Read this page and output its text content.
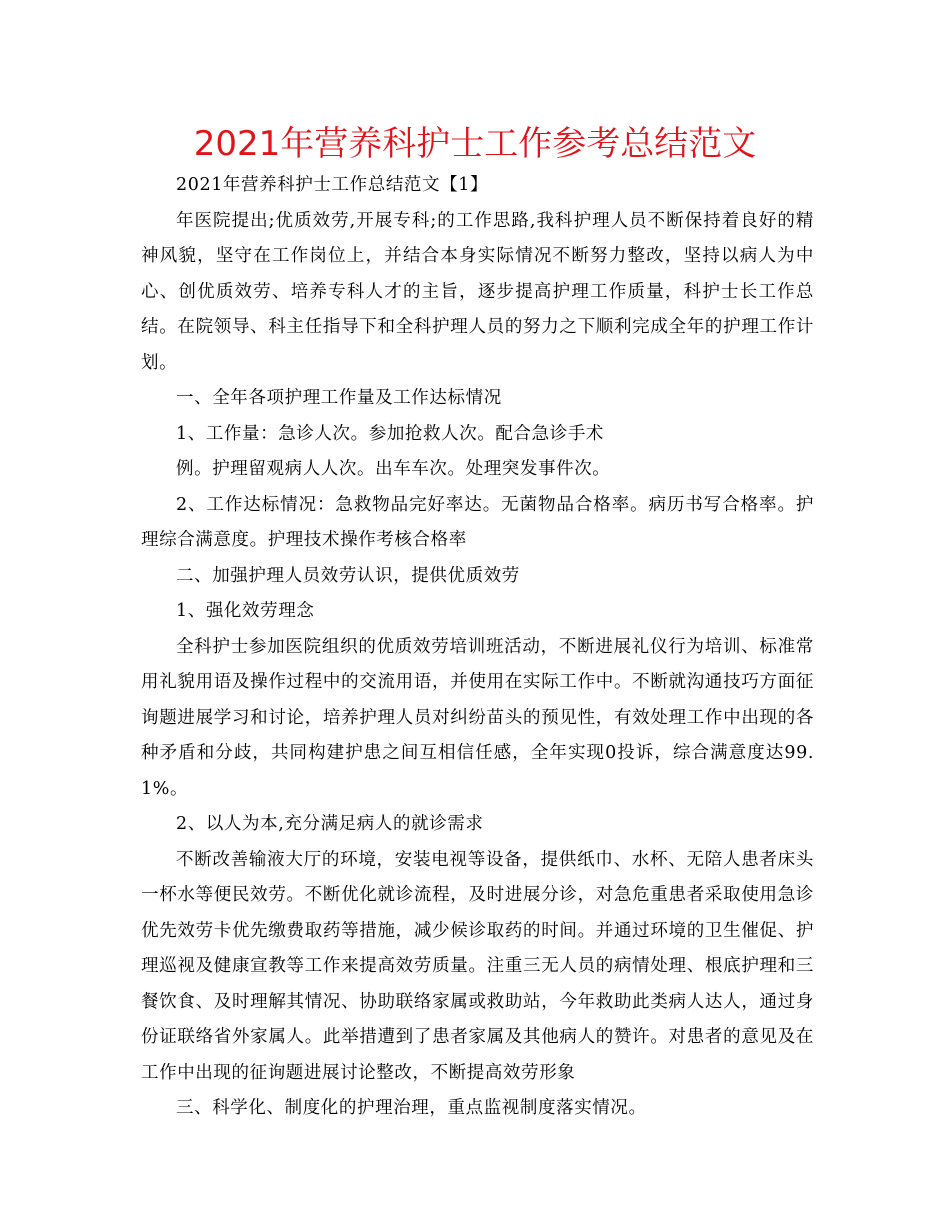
2021年营养科护士工作参考总结范文

2021年营养科护士工作总结范文【1】

年医院提出;优质效劳,开展专科;的工作思路,我科护理人员不断保持着良好的精神风貌，坚守在工作岗位上，并结合本身实际情况不断努力整改，坚持以病人为中心、创优质效劳、培养专科人才的主旨，逐步提高护理工作质量，科护士长工作总结。在院领导、科主任指导下和全科护理人员的努力之下顺利完成全年的护理工作计划。

一、全年各项护理工作量及工作达标情况

1、工作量：急诊人次。参加抢救人次。配合急诊手术

例。护理留观病人人次。出车车次。处理突发事件次。

2、工作达标情况：急救物品完好率达。无菌物品合格率。病历书写合格率。护理综合满意度。护理技术操作考核合格率

二、加强护理人员效劳认识，提供优质效劳

1、强化效劳理念

全科护士参加医院组织的优质效劳培训班活动，不断进展礼仪行为培训、标准常用礼貌用语及操作过程中的交流用语，并使用在实际工作中。不断就沟通技巧方面征询题进展学习和讨论，培养护理人员对纠纷苗头的预见性，有效处理工作中出现的各种矛盾和分歧，共同构建护患之间互相信任感，全年实现0投诉，综合满意度达99.1%。

2、以人为本,充分满足病人的就诊需求

不断改善输液大厅的环境，安装电视等设备，提供纸巾、水杯、无陪人患者床头一杯水等便民效劳。不断优化就诊流程，及时进展分诊，对急危重患者采取使用急诊优先效劳卡优先缴费取药等措施，减少候诊取药的时间。并通过环境的卫生催促、护理巡视及健康宣教等工作来提高效劳质量。注重三无人员的病情处理、根底护理和三餐饮食、及时理解其情况、协助联络家属或救助站，今年救助此类病人达人，通过身份证联络省外家属人。此举措遭到了患者家属及其他病人的赞许。对患者的意见及在工作中出现的征询题进展讨论整改，不断提高效劳形象

三、科学化、制度化的护理治理，重点监视制度落实情况。
